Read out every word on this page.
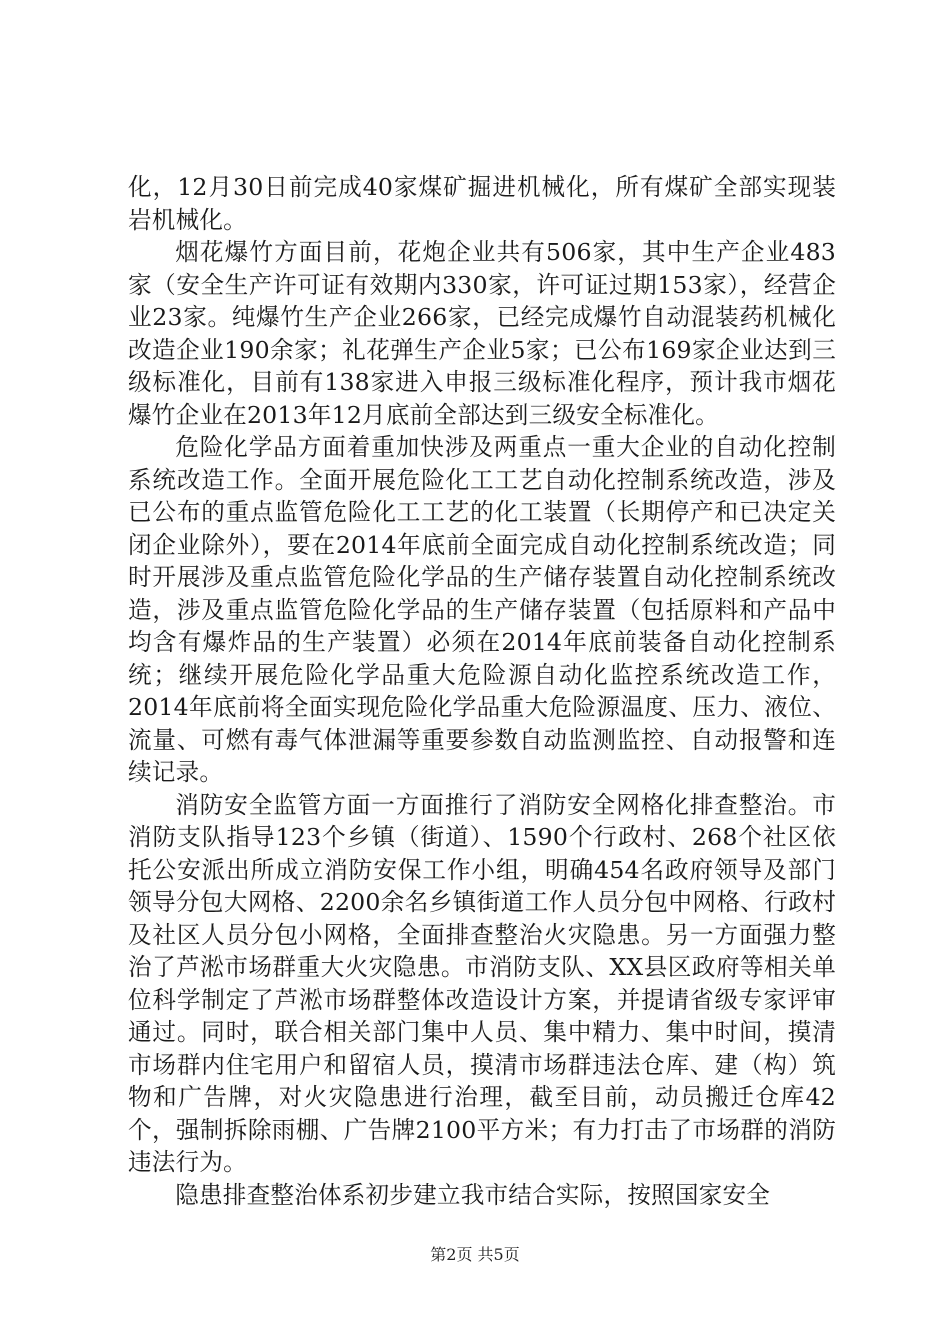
化，12月30日前完成40家煤矿掘进机械化，所有煤矿全部实现装岩机械化。

烟花爆竹方面目前，花炮企业共有506家，其中生产企业483家（安全生产许可证有效期内330家，许可证过期153家），经营企业23家。纯爆竹生产企业266家，已经完成爆竹自动混装药机械化改造企业190余家；礼花弹生产企业5家；已公布169家企业达到三级标准化，目前有138家进入申报三级标准化程序，预计我市烟花爆竹企业在2013年12月底前全部达到三级安全标准化。

危险化学品方面着重加快涉及两重点一重大企业的自动化控制系统改造工作。全面开展危险化工工艺自动化控制系统改造，涉及已公布的重点监管危险化工工艺的化工装置（长期停产和已决定关闭企业除外），要在2014年底前全面完成自动化控制系统改造；同时开展涉及重点监管危险化学品的生产储存装置自动化控制系统改造，涉及重点监管危险化学品的生产储存装置（包括原料和产品中均含有爆炸品的生产装置）必须在2014年底前装备自动化控制系统；继续开展危险化学品重大危险源自动化监控系统改造工作，2014年底前将全面实现危险化学品重大危险源温度、压力、液位、流量、可燃有毒气体泄漏等重要参数自动监测监控、自动报警和连续记录。

消防安全监管方面一方面推行了消防安全网格化排查整治。市消防支队指导123个乡镇（街道）、1590个行政村、268个社区依托公安派出所成立消防安保工作小组，明确454名政府领导及部门领导分包大网格、2200余名乡镇街道工作人员分包中网格、行政村及社区人员分包小网格，全面排查整治火灾隐患。另一方面强力整治了芦淞市场群重大火灾隐患。市消防支队、XX县区政府等相关单位科学制定了芦淞市场群整体改造设计方案，并提请省级专家评审通过。同时，联合相关部门集中人员、集中精力、集中时间，摸清市场群内住宅用户和留宿人员，摸清市场群违法仓库、建（构）筑物和广告牌，对火灾隐患进行治理，截至目前，动员搬迁仓库42个，强制拆除雨棚、广告牌2100平方米；有力打击了市场群的消防违法行为。

隐患排查整治体系初步建立我市结合实际，按照国家安全

第2页 共5页
